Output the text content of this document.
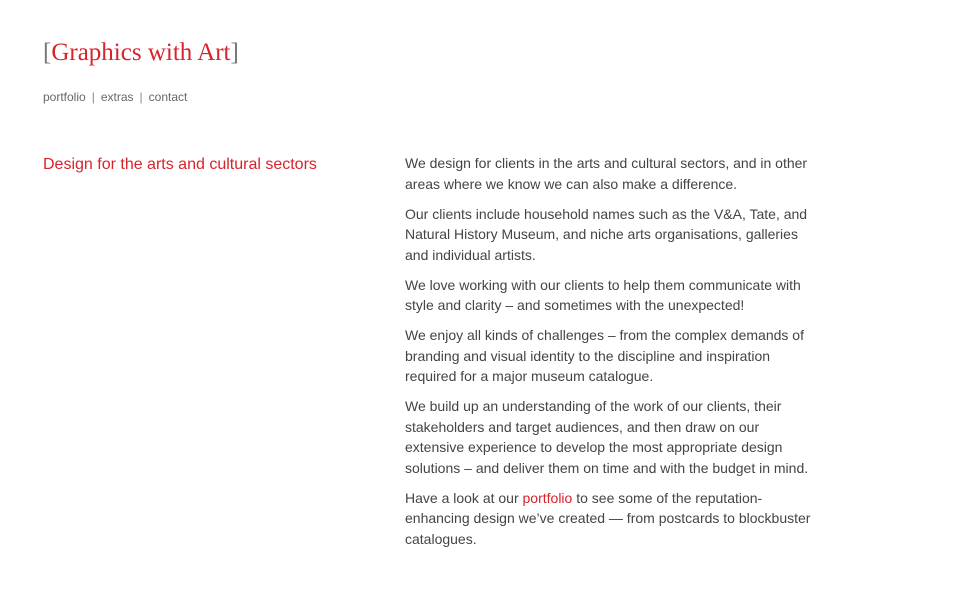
[Graphics with Art]
portfolio | extras | contact
Design for the arts and cultural sectors	We design for clients in the arts and cultural sectors, and in other areas where we know we can also make a difference.

Our clients include household names such as the V&A, Tate, and Natural History Museum, and niche arts organisations, galleries and individual artists.

We love working with our clients to help them communicate with style and clarity – and sometimes with the unexpected!

We enjoy all kinds of challenges – from the complex demands of branding and visual identity to the discipline and inspiration required for a major museum catalogue.

We build up an understanding of the work of our clients, their stakeholders and target audiences, and then draw on our extensive experience to develop the most appropriate design solutions – and deliver them on time and with the budget in mind.

Have a look at our portfolio to see some of the reputation-enhancing design we’ve created — from postcards to blockbuster catalogues.
